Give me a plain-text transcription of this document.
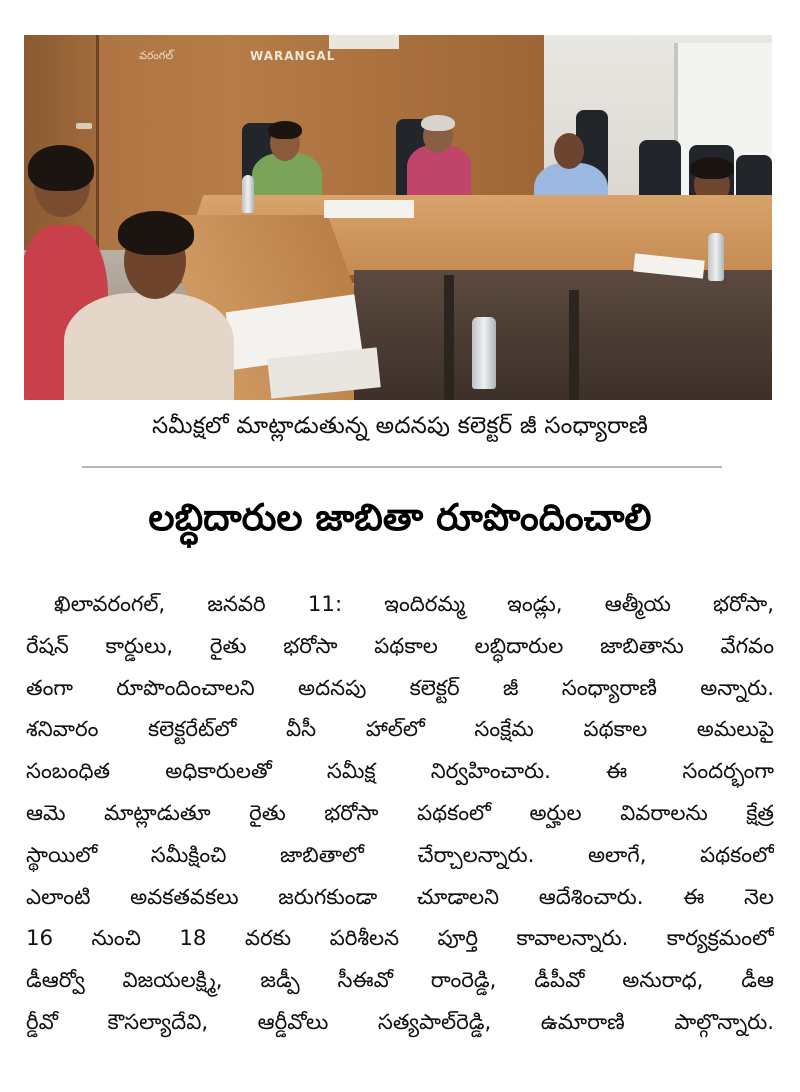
వరంగల్	WARANGAL
సమీక్షలో మాట్లాడుతున్న అదనపు కలెక్టర్ జీ సంధ్యారాణి
లబ్ధిదారుల జాబితా రూపొందించాలి
ఖిలావరంగల్, జనవరి 11: ఇందిరమ్మ ఇండ్లు, ఆత్మీయ భరోసా,
రేషన్ కార్డులు, రైతు భరోసా పథకాల లబ్ధిదారుల జాబితాను వేగవం
తంగా రూపొందించాలని అదనపు కలెక్టర్ జీ సంధ్యారాణి అన్నారు.
శనివారం కలెక్టరేట్‌లో వీసీ హాల్‌లో సంక్షేమ పథకాల అమలుపై
సంబంధిత అధికారులతో సమీక్ష నిర్వహించారు. ఈ సందర్భంగా
ఆమె మాట్లాడుతూ రైతు భరోసా పథకంలో అర్హుల వివరాలను క్షేత్ర
స్థాయిలో సమీక్షించి జాబితాలో చేర్చాలన్నారు. అలాగే, పథకంలో
ఎలాంటి అవకతవకలు జరుగకుండా చూడాలని ఆదేశించారు. ఈ నెల
16 నుంచి 18 వరకు పరిశీలన పూర్తి కావాలన్నారు. కార్యక్రమంలో
డీఆర్వో విజయలక్ష్మి, జడ్పీ సీఈవో రాంరెడ్డి, డీపీవో అనురాధ, డీఆ
ర్డీవో కౌసల్యాదేవి, ఆర్డీవోలు సత్యపాల్‌రెడ్డి, ఉమారాణి పాల్గొన్నారు.
